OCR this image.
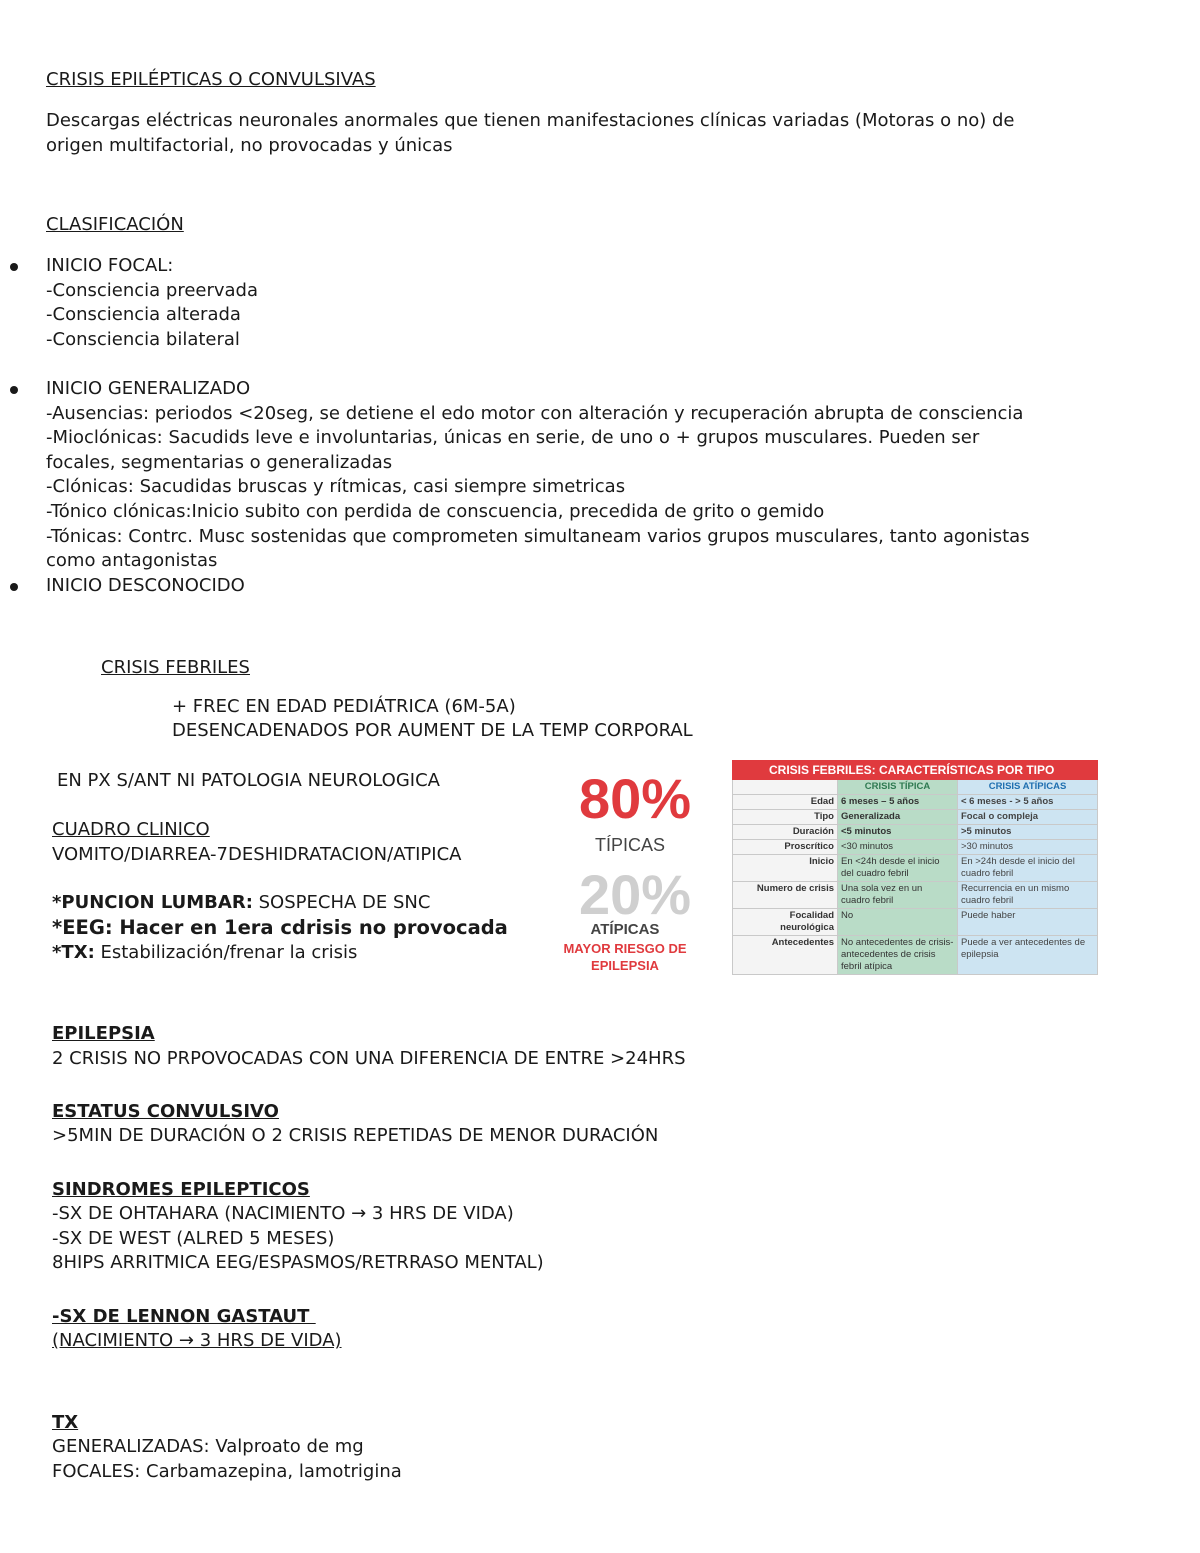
CRISIS EPILÉPTICAS O CONVULSIVAS
Descargas eléctricas neuronales anormales que tienen manifestaciones clínicas variadas (Motoras o no) de
origen multifactorial, no provocadas y únicas
CLASIFICACIÓN
INICIO FOCAL:
-Consciencia preervada
-Consciencia alterada
-Consciencia bilateral
INICIO GENERALIZADO
-Ausencias: periodos <20seg, se detiene el edo motor con alteración y recuperación abrupta de consciencia
-Mioclónicas: Sacudids leve e involuntarias, únicas en serie, de uno o + grupos musculares. Pueden ser
focales, segmentarias o generalizadas
-Clónicas: Sacudidas bruscas y rítmicas, casi siempre simetricas
-Tónico clónicas:Inicio subito con perdida de conscuencia, precedida de grito o gemido
-Tónicas: Contrc. Musc sostenidas que comprometen simultaneam varios grupos musculares, tanto agonistas
como antagonistas
INICIO DESCONOCIDO
CRISIS FEBRILES
+ FREC EN EDAD PEDIÁTRICA (6M-5A)
DESENCADENADOS POR AUMENT DE LA TEMP CORPORAL
EN PX S/ANT NI PATOLOGIA NEUROLOGICA
CUADRO CLINICO
VOMITO/DIARREA-7DESHIDRATACION/ATIPICA
*PUNCION LUMBAR: SOSPECHA DE SNC
*EEG: Hacer en 1era cdrisis no provocada
*TX: Estabilización/frenar la crisis
80%
TÍPICAS
20%
ATÍPICAS
MAYOR RIESGO DE
EPILEPSIA
CRISIS FEBRILES: CARACTERÍSTICAS POR TIPO		
	CRISIS TÍPICA	CRISIS ATÍPICAS
Edad	6 meses – 5 años	< 6 meses - > 5 años
Tipo	Generalizada	Focal o compleja
Duración	<5 minutos	>5 minutos
Proscrítico	<30 minutos	>30 minutos
Inicio	En <24h desde el inicio del cuadro febril	En >24h desde el inicio del cuadro febril
Numero de crisis	Una sola vez en un cuadro febril	Recurrencia en un mismo cuadro febril
Focalidad neurológica	No	Puede haber
Antecedentes	No antecedentes de crisis- antecedentes de crisis febril atípica	Puede a ver antecedentes de epilepsia
EPILEPSIA
2 CRISIS NO PRPOVOCADAS CON UNA DIFERENCIA DE ENTRE >24HRS
ESTATUS CONVULSIVO
>5MIN DE DURACIÓN O 2 CRISIS REPETIDAS DE MENOR DURACIÓN
SINDROMES EPILEPTICOS
-SX DE OHTAHARA (NACIMIENTO → 3 HRS DE VIDA)
-SX DE WEST (ALRED 5 MESES)
8HIPS ARRITMICA EEG/ESPASMOS/RETRRASO MENTAL)
-SX DE LENNON GASTAUT
(NACIMIENTO → 3 HRS DE VIDA)
TX
GENERALIZADAS: Valproato de mg
FOCALES: Carbamazepina, lamotrigina
